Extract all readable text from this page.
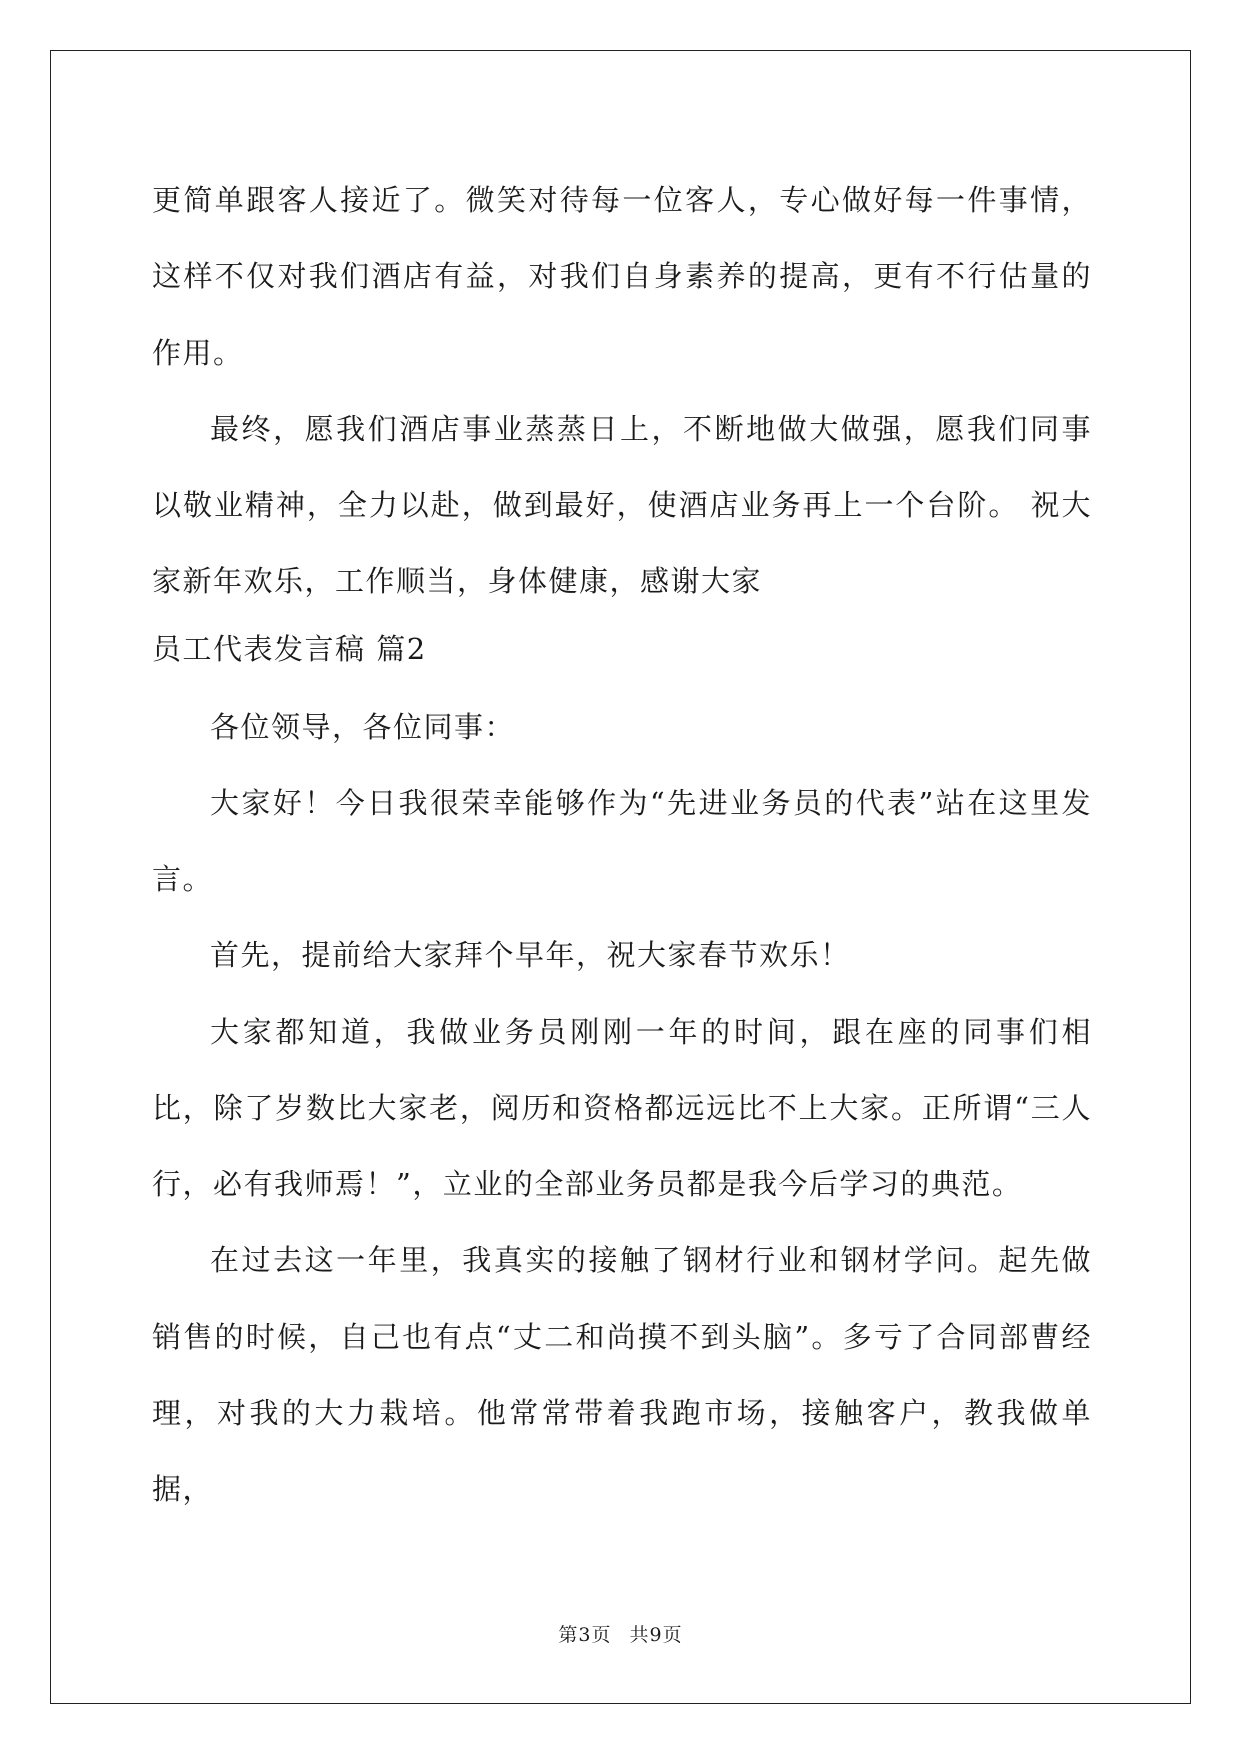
更简单跟客人接近了。微笑对待每一位客人，专心做好每一件事情，这样不仅对我们酒店有益，对我们自身素养的提高，更有不行估量的作用。

最终，愿我们酒店事业蒸蒸日上，不断地做大做强，愿我们同事以敬业精神，全力以赴，做到最好，使酒店业务再上一个台阶。 祝大家新年欢乐，工作顺当，身体健康，感谢大家

员工代表发言稿 篇2

各位领导，各位同事：

大家好！今日我很荣幸能够作为“先进业务员的代表”站在这里发言。

首先，提前给大家拜个早年，祝大家春节欢乐！

大家都知道，我做业务员刚刚一年的时间，跟在座的同事们相比，除了岁数比大家老，阅历和资格都远远比不上大家。正所谓“三人行，必有我师焉！”，立业的全部业务员都是我今后学习的典范。

在过去这一年里，我真实的接触了钢材行业和钢材学问。起先做销售的时候，自己也有点“丈二和尚摸不到头脑”。多亏了合同部曹经理，对我的大力栽培。他常常带着我跑市场，接触客户，教我做单据，

第3页 共9页
